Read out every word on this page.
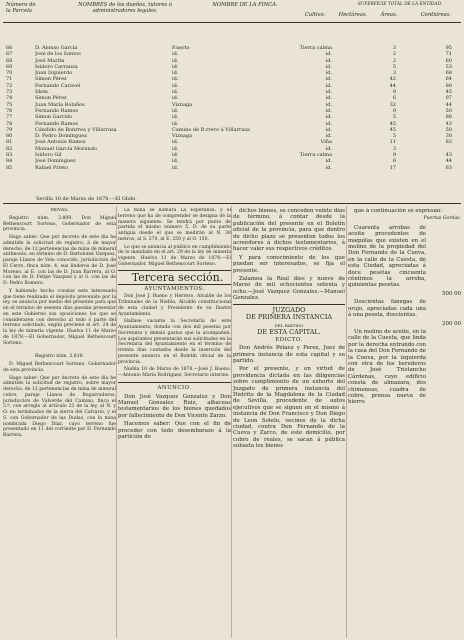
Número de la Parcela
NOMBRES de los dueños, tutores ó administradores legales.
NOMBRE DE LA FINCA.
Cultivo.
SUPERFICIE TOTAL DE LA ENTIDAD.
Hectáreas.	Áreas.	Centiáreas.
66	D. Alonso García	P.uerto	Tierra calma	3	95
67	José de los Santos	id.	id.	2	71
68	José Martín	id.	id.	2	60
69	Isidoro Carranza	id.	id.	5	53
70	Juan Izquierdo	id.	id.	3	68
71	Simon Pérez	id.	id.	42	64
72	Fernando Caravel	id.	id.	44	80
73	Idem	id.	id.	9	45
74	Simon Pérez	id.	id.	6	07
75	Juan María Bolaños	Viznaga	id.	32	44
76	Fernando Ramos	id.	id.	9	50
77	Simon Garrido	id.	id.	5	86
78	Fernando Ramos	id.	id.	45	43
79	Cándido de Bonrrea y Villarrasa	Camino de B.rrero á Villarrasa	id.	45	50
80	D. Pedro Domínguez	Viznaga	id.	5	30
81	José Antonio Ramos	id.	Viña	11	83
82	Manuel García Morando	id.	id.	3
83	Isidoro Gil	id.	Tierra calma	9	43
84	José Domínguez	id.	id.	6	44
85	Rafael Prieto	id.	id.	17	63
Sevilla 10 de Marzo de 1878.—El Gbdo.

MINAS.

Registro núm. 3.809. Don Miguel Bethencourt Sorteno, Gobernador de esta provincia.

Hago saber: Que por decreto de este día he admitido la solicitud de registro, á de mayor derecho, de 12 pertenencias de mina de mineral antimonio, en término de D. Bartolomé Vazquez, paraje Llanos de Vela conocido, jurisdicción de El Cerro, finca núm. 4, sus linderos de D. José Moreno, al E. con las de D. Juan Barrera, al O. con las de D. Felipe Vazquez y al S. con las de D. Pedro Romero.

Y habiendo hecho constar este interesado que tiene realizado el depósito prevenido por la ley, se anuncia por medio del presente para que en el término de sesenta días puedan presentar en este Gobierno sus oposiciones los que se consideraren con derecho al todo ó parte del terreno solicitado, según previene el art. 24 de la ley de minería vigente. Huelva 11 de Marzo de 1878.—El Gobernador, Miguel Bethencourt Sorteno.

Registro núm. 3.810.

D. Miguel Bethencourt Sorteno, Gobernador de esta provincia.

Hago saber: Que por decreto de este día he admitido la solicitud de registro, sobre mayor derecho, de 12 pertenencias de mina de mineral cobre, paraje Llanos de Bogarruderos, jurisdicción de Valverde del Camino, finca el 5.º, con arreglo al artículo 23 de la ley, al N. y O. no terminados de la sierra del Calvario, y el S. con Gobernador de las Dudas, con la mina nombrada Diego Díaz, cuyo terreno fue presentado en 11 del corriente por D. Fernando Barrera.

La mina se llamará La Esperanza, y el terreno que ha de comprender se designa de la manera siguiente: Se tendrá por punto de partida el mismo número 5. D. de su parte antigua desde el que se medirán al N. 30 metros, al S. 270, al E. 250 y al O. 150.

Lo que se anuncia al público en cumplimiento de lo mandado en el art. 29 de la ley de minería vigente. Huelva 11 de Marzo de 1878.—El Gobernador, Miguel Bethencourt Sorteno.

Tercera sección.

AYUNTAMIENTOS.

Don José J. Bueno y Herrero, Alcalde de los Tribunales de la Niebla, Alcalde constitucional de esta ciudad y Presidente de su Ilustre Ayuntamiento.

Hallase vacante la Secretaría de este Ayuntamiento, dotada con dos mil pesetas por Secretario y demás gastos que la acompañen. Los aspirantes presentarán sus solicitudes en la Secretaría del Ayuntamiento en el término de treinta días contados desde la inserción del presente anuncio en el Boletín oficial de la provincia.

Niebla 10 de Marzo de 1878.—José J. Bueno.—Antonio María Rodríguez, Secretario interino.

ANUNCIO.

Don José Vazquez Gonzalez y Don Manuel Gonzalez Ruiz, albaceas testamentarios de los bienes quedados por fallecimiento de Don Vicente Zarzo.

Hacemos saber: Que con el fin de proceder con todo desembarazo á la partición de

dichos bienes, se conceden veinte días de término, á contar desde la publicación del presente en el Boletín oficial de la provincia, para que dentro de dicho plazo se presenten todos los acreedores á dichos testamentarios, á hacer valer sus respectivos créditos.

Y para conocimiento de los que puedan ser interesados, se fija el presente.

Zalamea la Real dies y nueve de Marzo de mil ochocientos setenta y ocho.—José Vazquez Gonzalez.—Manuel Gonzalez.

JUZGADO
DE PRIMERA INSTANCIA
DEL PARTIDO
DE ESTA CAPITAL.

EDICTO.

Don Andrés Pelaez y Perez, Juez de primera instancia de esta capital y su partido.

Por el presente, y en virtud de providencia dictada en las diligencias sobre cumplimiento de un exhorto del Juzgado de primera instancia del Distrito de la Magdalena de la Ciudad de Sevilla, procedente de autos ejecutivos que se siguen en el mismo á instancia de Don Francisco y Don Diego de Leon Sotelo, vecinos de la dicha ciudad, contra Don Fernando de la Cueva y Zarco, de este domicilio, por cobro de reales, se sacan á pública subasta los bienes

que á continuación se expresan:

Puertas Gordas.

Cuarenta arrobas de aceite procedentes de maquilas que existen en el molino de la propiedad del Don Fernando de la Cueva, en la calle de la Cuesta, de esta Ciudad, apreciadas á doce pesetas cincuenta céntimos la arroba, quinientas pesetas.

500 00

Doscientas fanegas de orujo, apreciadas cada una á una peseta, doscientas.

200 00

Un molino de aceite, en la calle de la Cuesta, que linda por la derecha entrando con la casa del Don Fernando de la Cueva, por la izquierda con otra de los herederos de José Tristancho Cárdenas, cuyo edificio consta de almazara, dos chimeneas, cuadra de cobre, prensa nueva de hierro
